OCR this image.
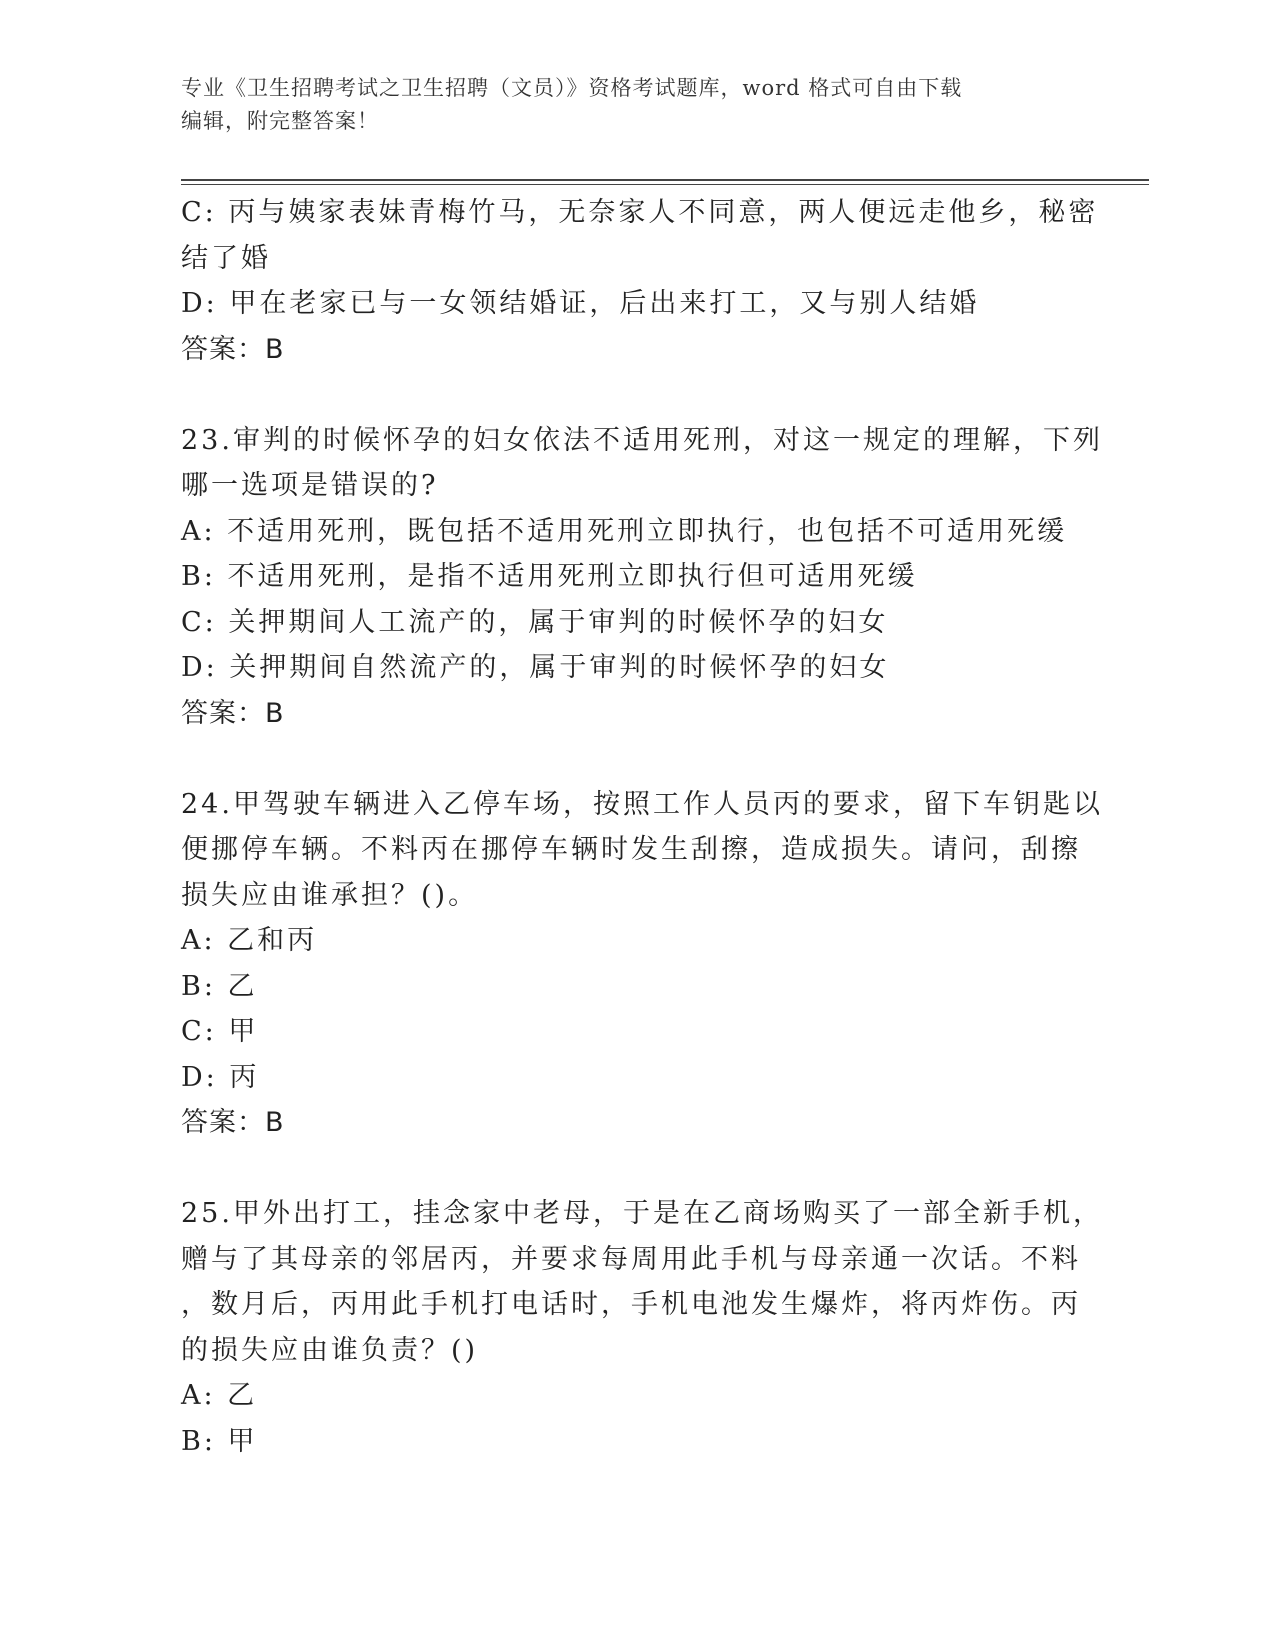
专业《卫生招聘考试之卫生招聘（文员）》资格考试题库，word 格式可自由下载
编辑，附完整答案！
C: 丙与姨家表妹青梅竹马，无奈家人不同意，两人便远走他乡，秘密
结了婚
D: 甲在老家已与一女领结婚证，后出来打工，又与别人结婚
答案：B
23.审判的时候怀孕的妇女依法不适用死刑，对这一规定的理解，下列
哪一选项是错误的?
A: 不适用死刑，既包括不适用死刑立即执行，也包括不可适用死缓
B: 不适用死刑，是指不适用死刑立即执行但可适用死缓
C: 关押期间人工流产的，属于审判的时候怀孕的妇女
D: 关押期间自然流产的，属于审判的时候怀孕的妇女
答案：B
24.甲驾驶车辆进入乙停车场，按照工作人员丙的要求，留下车钥匙以
便挪停车辆。不料丙在挪停车辆时发生刮擦，造成损失。请问，刮擦
损失应由谁承担？()。
A: 乙和丙
B: 乙
C: 甲
D: 丙
答案：B
25.甲外出打工，挂念家中老母，于是在乙商场购买了一部全新手机，
赠与了其母亲的邻居丙，并要求每周用此手机与母亲通一次话。不料
，数月后，丙用此手机打电话时，手机电池发生爆炸，将丙炸伤。丙
的损失应由谁负责？()
A: 乙
B: 甲
